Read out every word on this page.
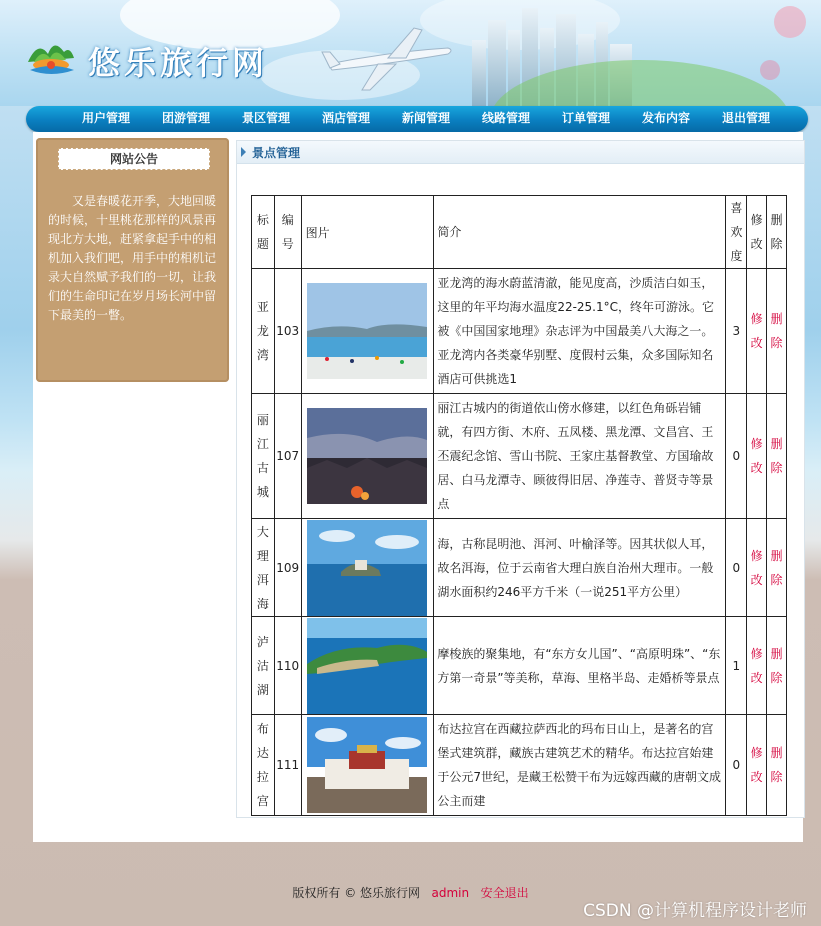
悠乐旅行网
用户管理	团游管理	景区管理	酒店管理	新闻管理	线路管理	订单管理	发布内容	退出管理
网站公告
又是春暖花开季，大地回暖的时候，十里桃花那样的风景再现北方大地，赶紧拿起手中的相机加入我们吧，用手中的相机记录大自然赋予我们的一切，让我们的生命印记在岁月场长河中留下最美的一瞥。
景点管理
标题	编号	图片	简介	喜欢度	修改	删除

亚龙湾	103		亚龙湾的海水蔚蓝清澈，能见度高，沙质洁白如玉，这里的年平均海水温度22-25.1°C，终年可游泳。它被《中国国家地理》杂志评为中国最美八大海之一。亚龙湾内各类豪华别墅、度假村云集，众多国际知名酒店可供挑选1	3	修改	删除

丽江古城	107		丽江古城内的街道依山傍水修建，以红色角砾岩铺就，有四方街、木府、五凤楼、黑龙潭、文昌宫、王丕震纪念馆、雪山书院、王家庄基督教堂、方国瑜故居、白马龙潭寺、顾彼得旧居、净莲寺、普贤寺等景点	0	修改	删除

大理洱海	109		海，古称昆明池、洱河、叶榆泽等。因其状似人耳，故名洱海，位于云南省大理白族自治州大理市。一般湖水面积约246平方千米（一说251平方公里）	0	修改	删除

泸沽湖	110		摩梭族的聚集地，有“东方女儿国”、“高原明珠”、“东方第一奇景”等美称，草海、里格半岛、走婚桥等景点	1	修改	删除

布达拉宫	111		布达拉宫在西藏拉萨西北的玛布日山上，是著名的宫堡式建筑群，藏族古建筑艺术的精华。布达拉宫始建于公元7世纪，是藏王松赞干布为远嫁西藏的唐朝文成公主而建	0	修改	删除
版权所有 © 悠乐旅行网 admin 安全退出
CSDN @计算机程序设计老师
